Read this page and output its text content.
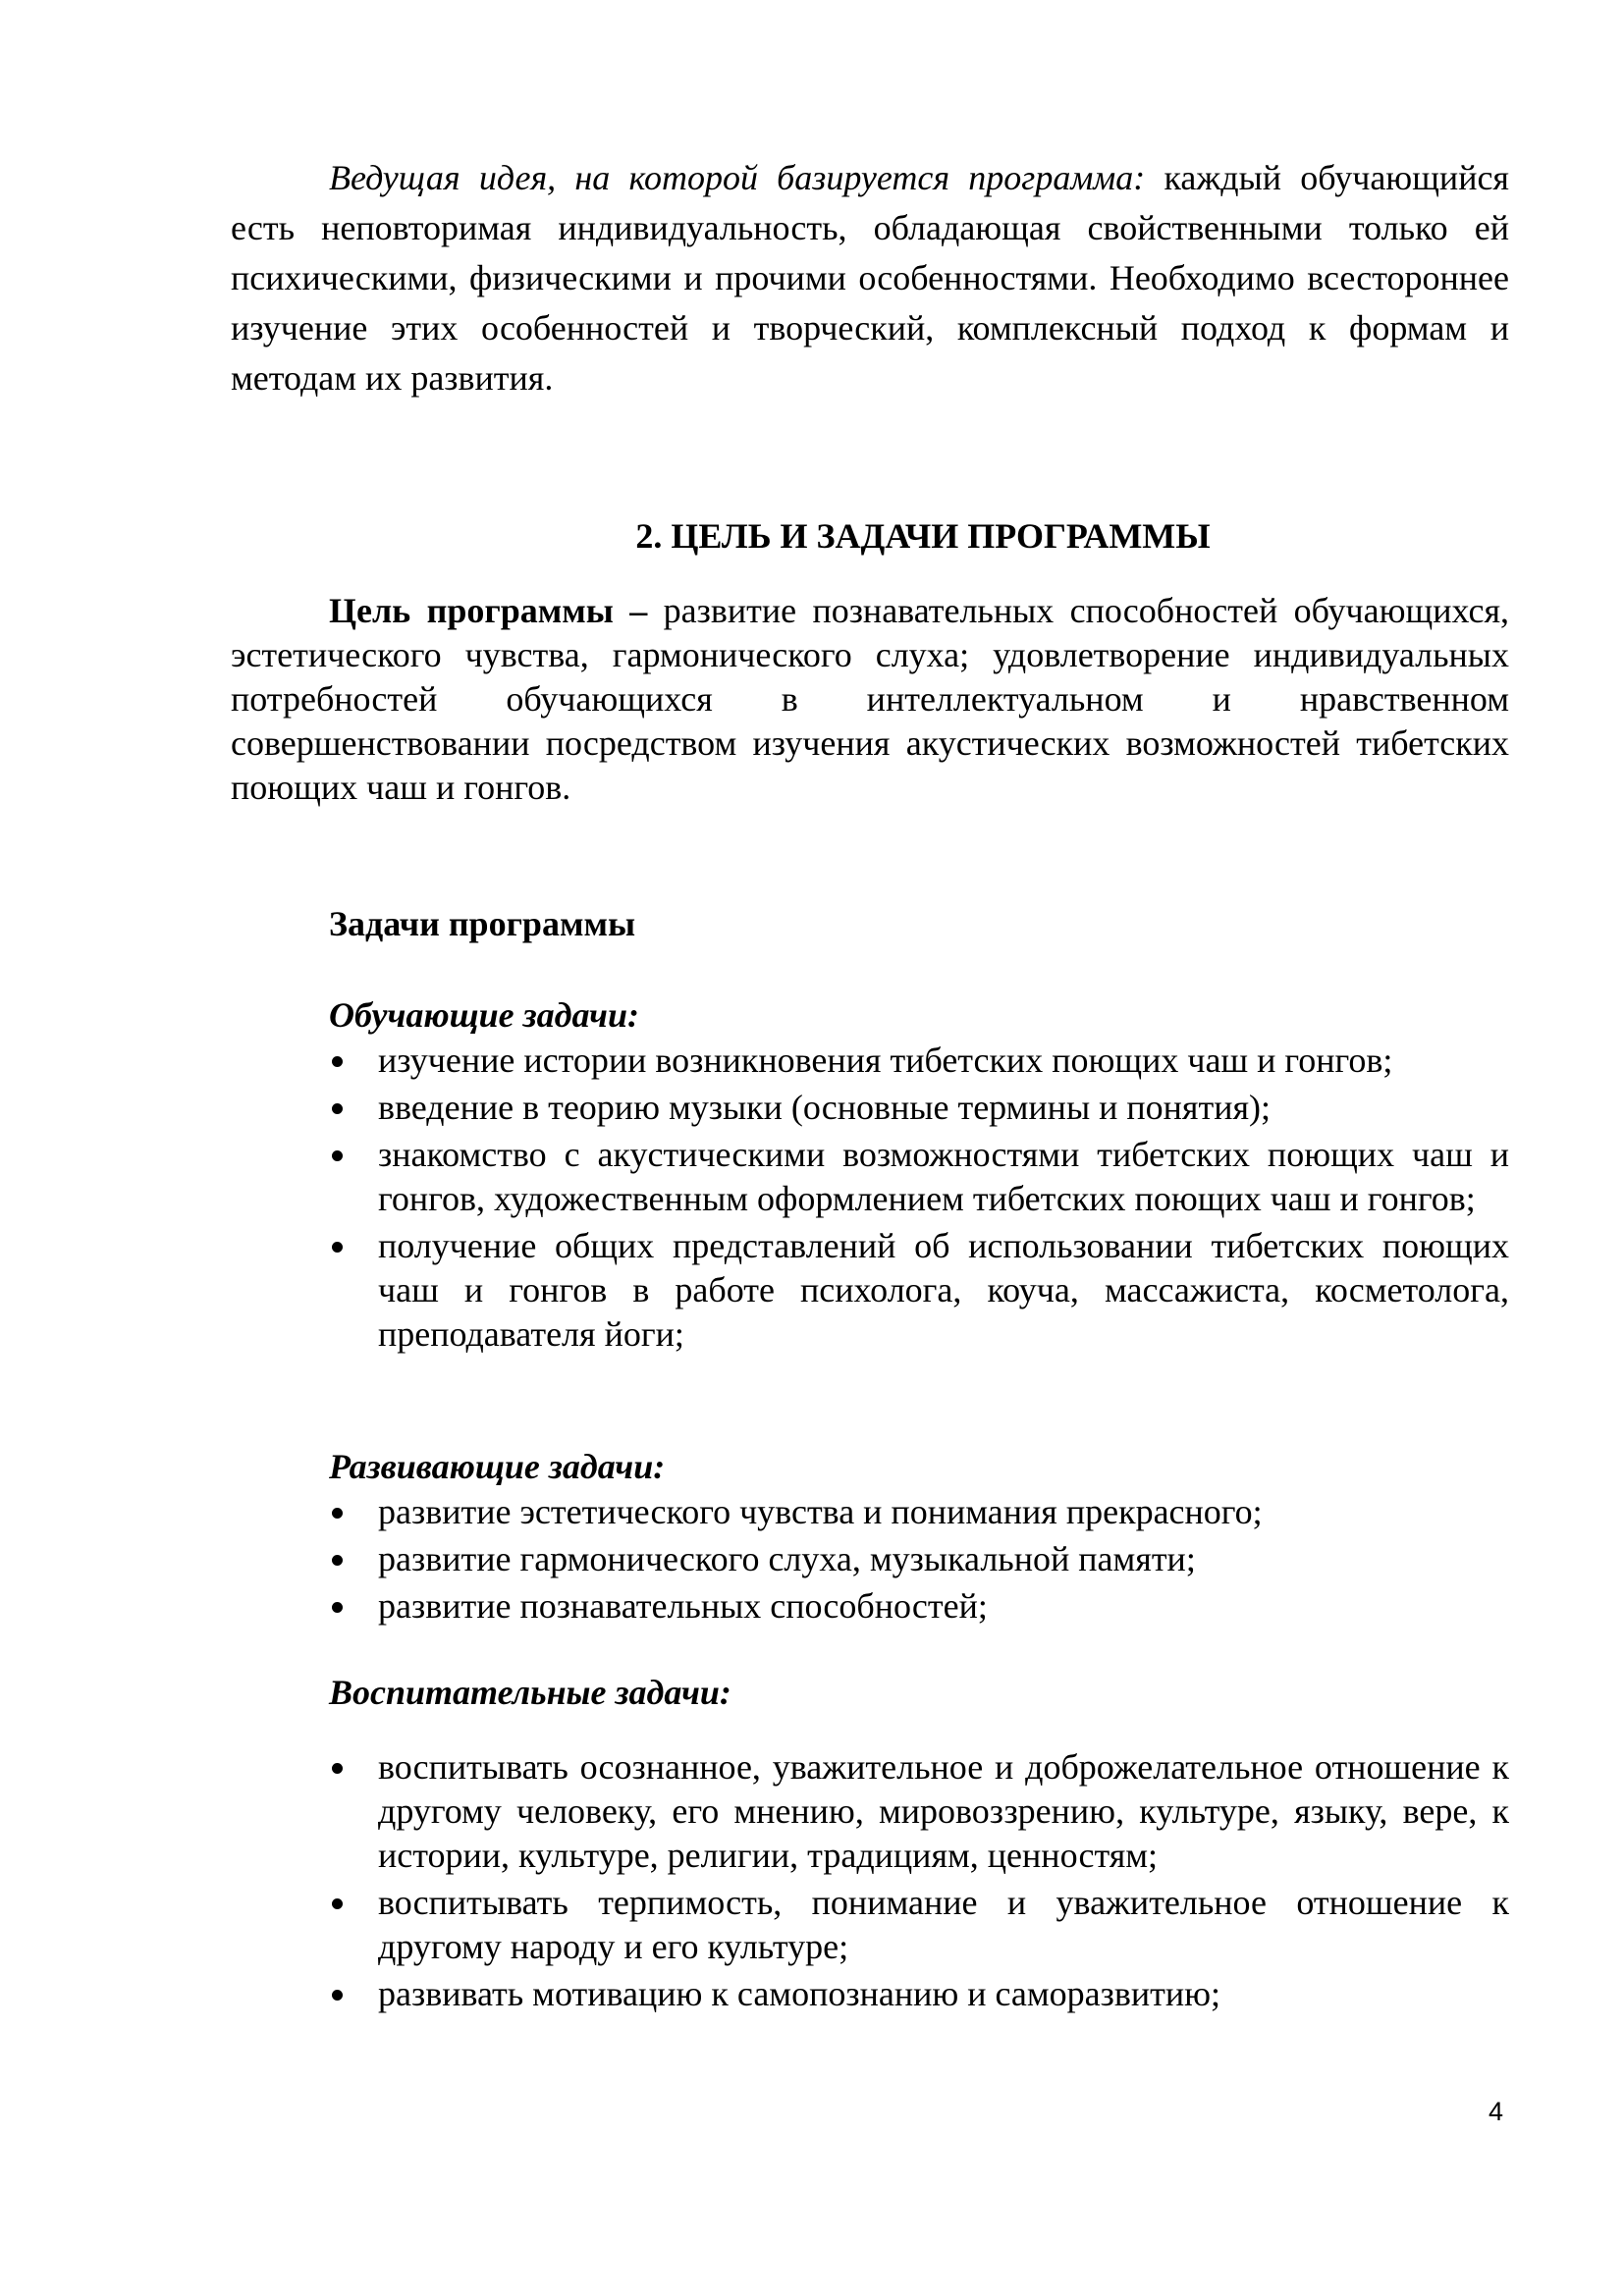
Ведущая идея, на которой базируется программа: каждый обучающийся есть неповторимая индивидуальность, обладающая свойственными только ей психическими, физическими и прочими особенностями. Необходимо всестороннее изучение этих особенностей и творческий, комплексный подход к формам и методам их развития.

2. ЦЕЛЬ И ЗАДАЧИ ПРОГРАММЫ

Цель программы – развитие познавательных способностей обучающихся, эстетического чувства, гармонического слуха; удовлетворение индивидуальных потребностей обучающихся в интеллектуальном и нравственном совершенствовании посредством изучения акустических возможностей тибетских поющих чаш и гонгов.

Задачи программы
Обучающие задачи:
изучение истории возникновения тибетских поющих чаш и гонгов;
введение в теорию музыки (основные термины и понятия);
знакомство с акустическими возможностями тибетских поющих чаш и гонгов, художественным оформлением тибетских поющих чаш и гонгов;
получение общих представлений об использовании тибетских поющих чаш и гонгов в работе психолога, коуча, массажиста, косметолога, преподавателя йоги;
Развивающие задачи:
развитие эстетического чувства и понимания прекрасного;
развитие гармонического слуха, музыкальной памяти;
развитие познавательных способностей;
Воспитательные задачи:
воспитывать осознанное, уважительное и доброжелательное отношение к другому человеку, его мнению, мировоззрению, культуре, языку, вере, к истории, культуре, религии, традициям, ценностям;
воспитывать терпимость, понимание и уважительное отношение к другому народу и его культуре;
развивать мотивацию к самопознанию и саморазвитию;
4
